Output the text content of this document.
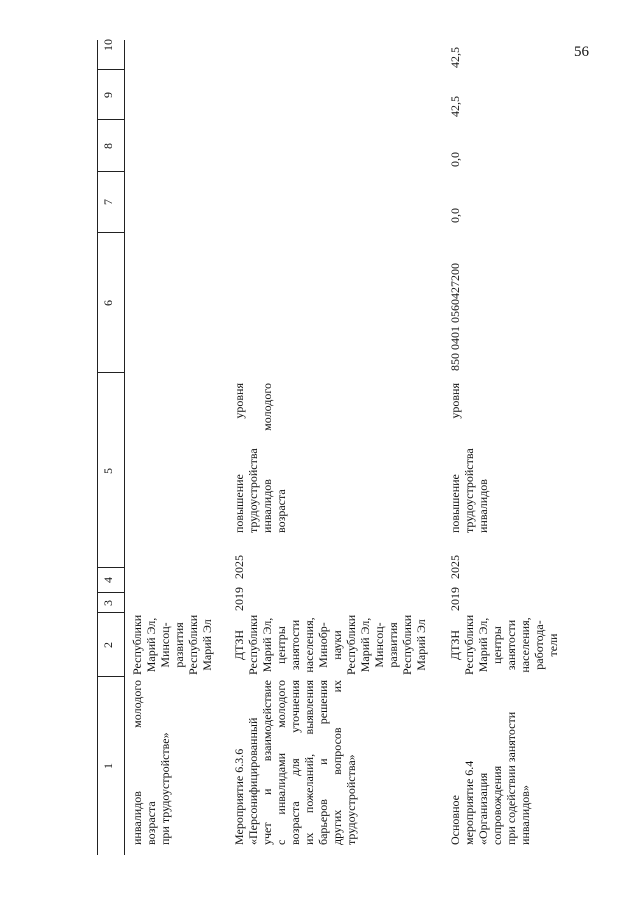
56
1
2
3
4
5
6
7
8
9
10
инвалидов молодого возраста при трудоустройстве»
Республики Марий Эл, Минсоц- развития Республики Марий Эл
Мероприятие 6.3.6 «Персонифицированный учет и взаимодействие с инвалидами молодого возраста для уточнения их пожеланий, выявления барьеров и решения других вопросов их трудоустройства»
ДТЗН Республики Марий Эл, центры занятости населения, Минобр- науки Республики Марий Эл, Минсоц- развития Республики Марий Эл
2019
2025
повышение уровня трудоустройства инвалидов молодого возраста
Основное мероприятие 6.4 «Организация сопровождения при содействии занятости инвалидов»
ДТЗН Республики Марий Эл, центры занятости населения, работода- тели
2019
2025
повышение уровня трудоустройства инвалидов
850 0401 0560427200
0,0
0,0
42,5
42,5
